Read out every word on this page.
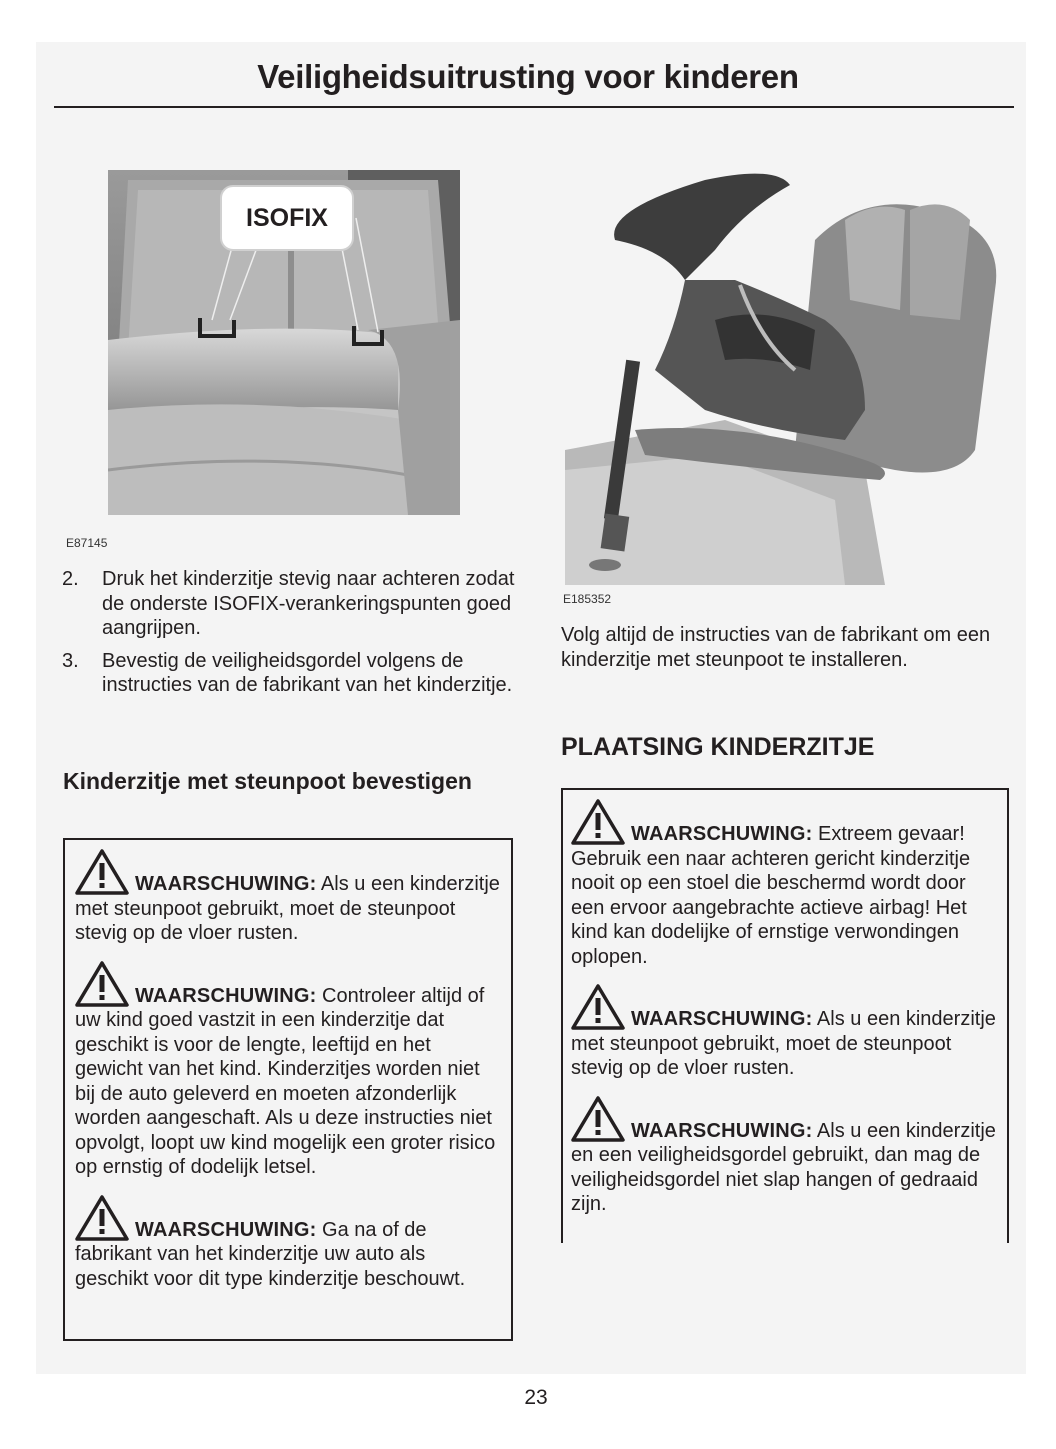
Veiligheidsuitrusting voor kinderen
ISOFIX
E87145
E185352
2. Druk het kinderzitje stevig naar achteren zodat de onderste ISOFIX-verankeringspunten goed aangrijpen.
3. Bevestig de veiligheidsgordel volgens de instructies van de fabrikant van het kinderzitje.
Kinderzitje met steunpoot bevestigen
WAARSCHUWING: Als u een kinderzitje met steunpoot gebruikt, moet de steunpoot stevig op de vloer rusten.
WAARSCHUWING: Controleer altijd of uw kind goed vastzit in een kinderzitje dat geschikt is voor de lengte, leeftijd en het gewicht van het kind. Kinderzitjes worden niet bij de auto geleverd en moeten afzonderlijk worden aangeschaft. Als u deze instructies niet opvolgt, loopt uw kind mogelijk een groter risico op ernstig of dodelijk letsel.
WAARSCHUWING: Ga na of de fabrikant van het kinderzitje uw auto als geschikt voor dit type kinderzitje beschouwt.
Volg altijd de instructies van de fabrikant om een kinderzitje met steunpoot te installeren.
PLAATSING KINDERZITJE
WAARSCHUWING: Extreem gevaar! Gebruik een naar achteren gericht kinderzitje nooit op een stoel die beschermd wordt door een ervoor aangebrachte actieve airbag! Het kind kan dodelijke of ernstige verwondingen oplopen.
WAARSCHUWING: Als u een kinderzitje met steunpoot gebruikt, moet de steunpoot stevig op de vloer rusten.
WAARSCHUWING: Als u een kinderzitje en een veiligheidsgordel gebruikt, dan mag de veiligheidsgordel niet slap hangen of gedraaid zijn.
23
